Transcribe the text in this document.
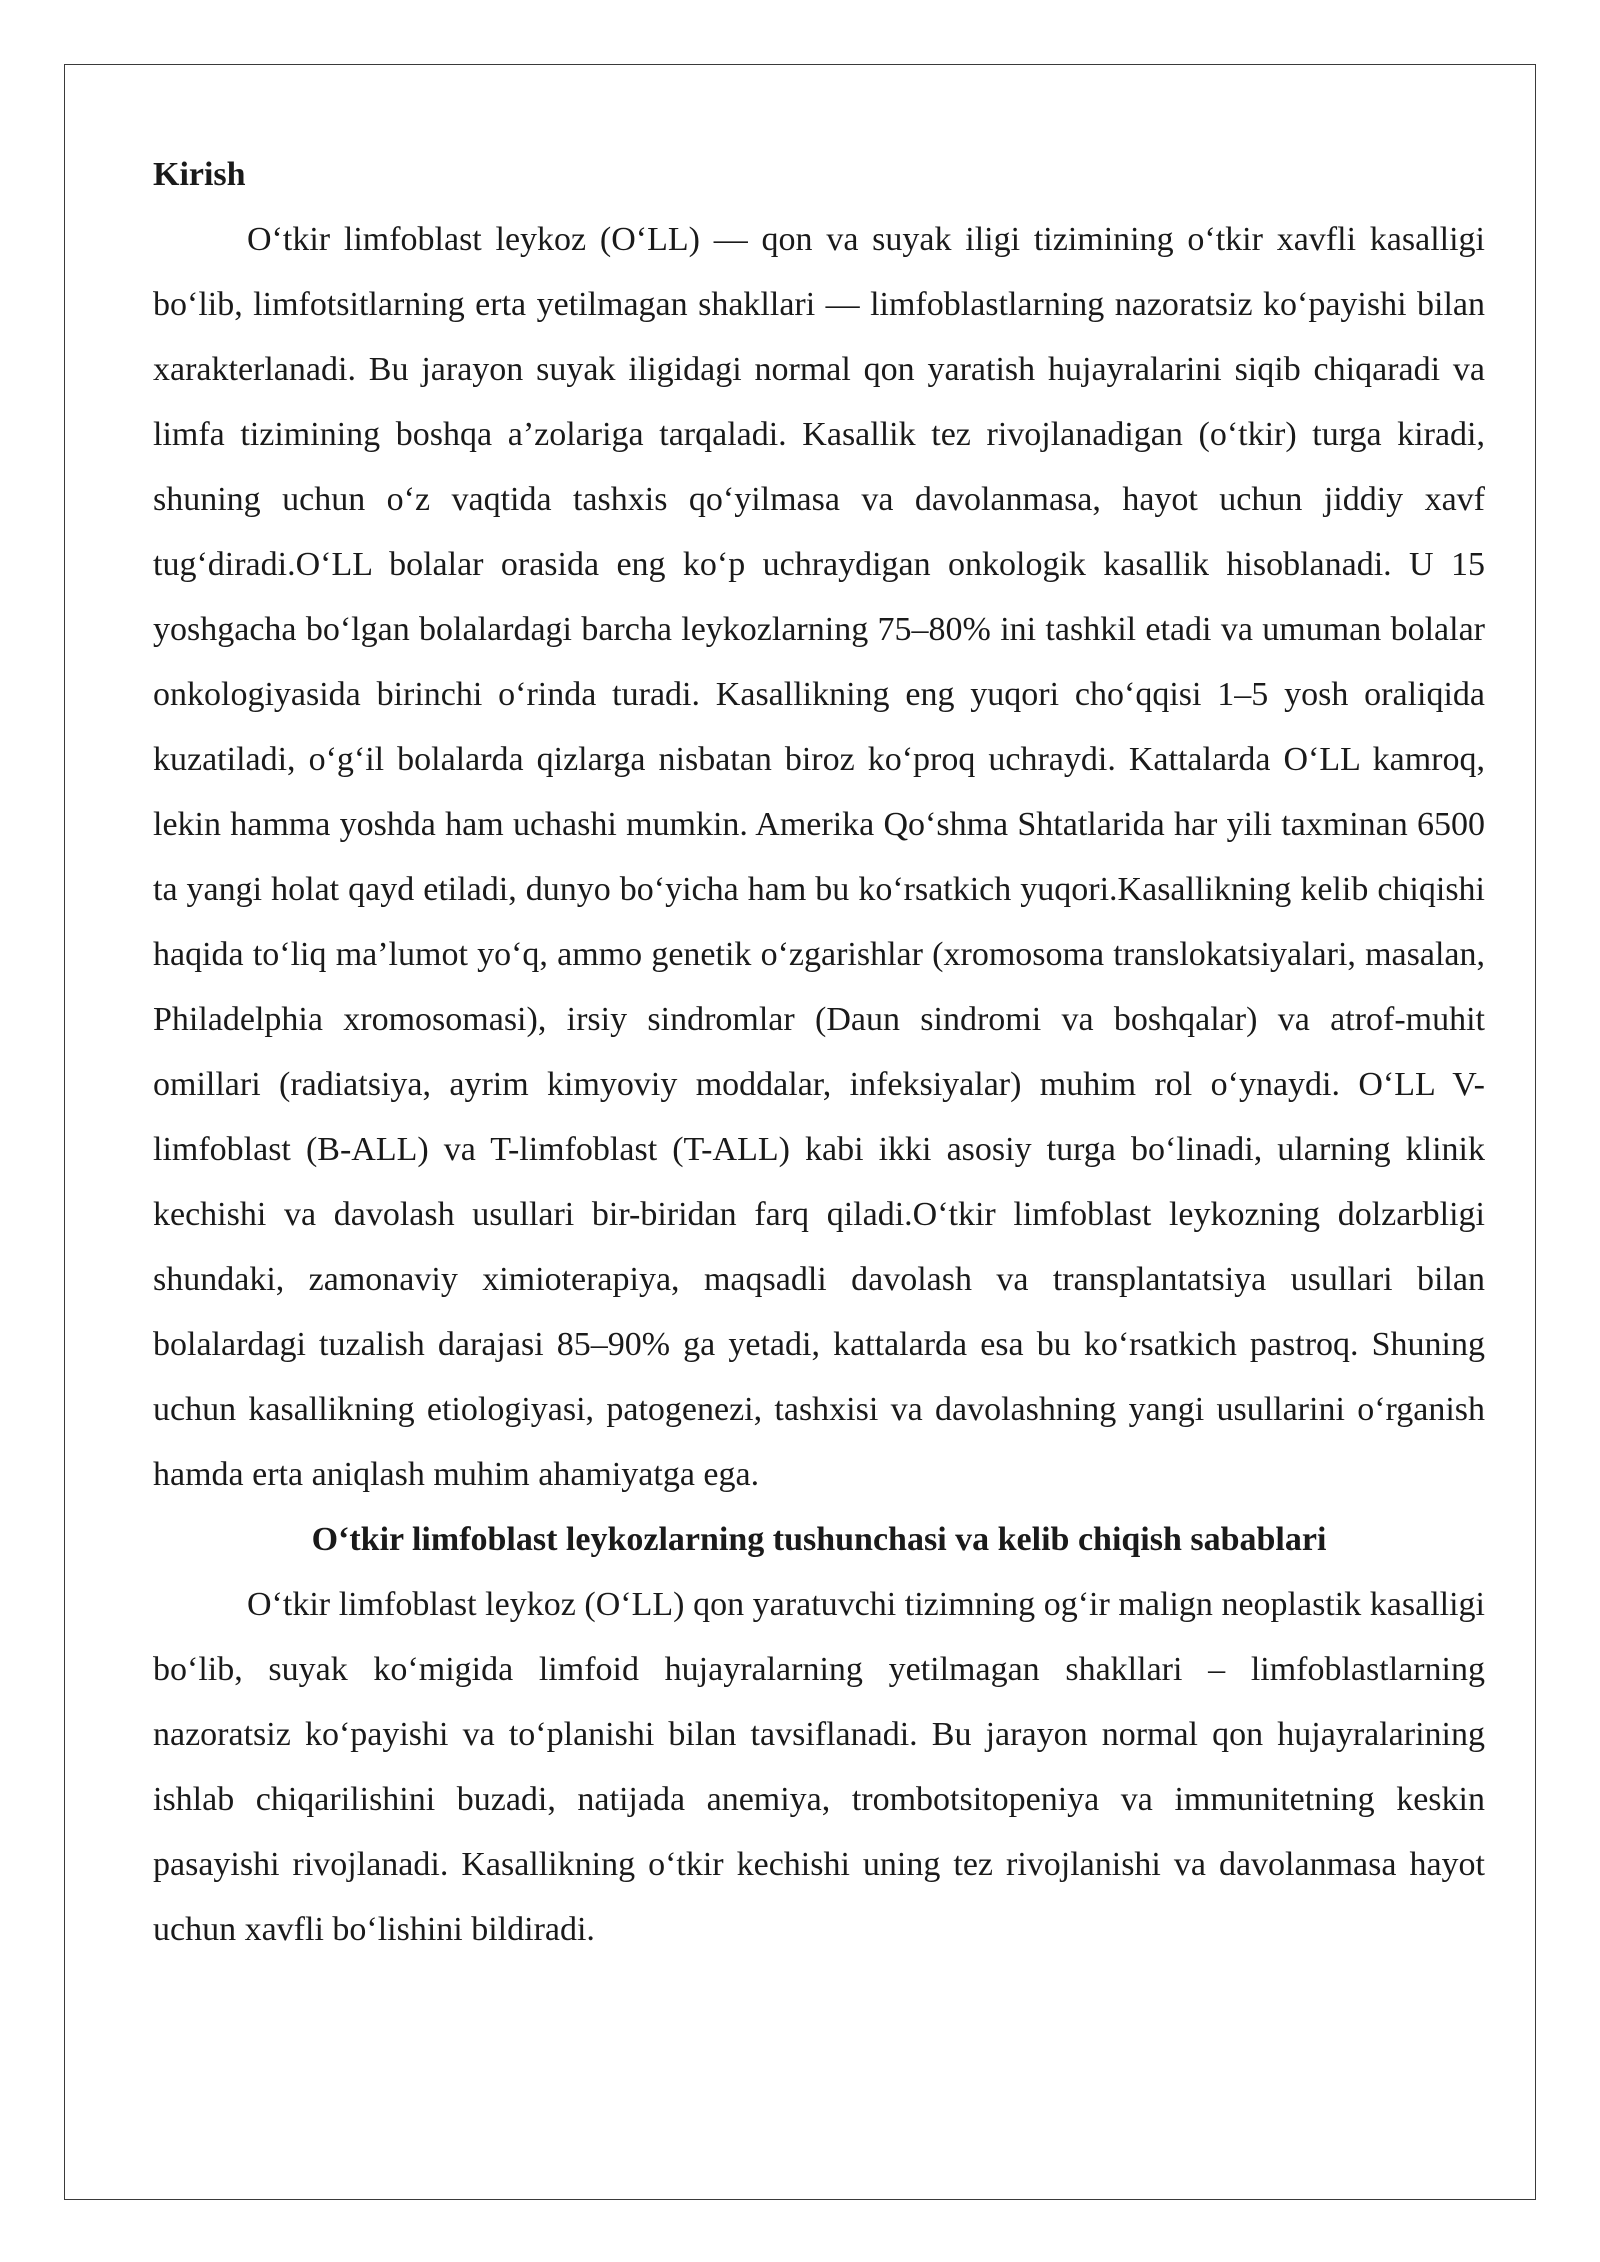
Kirish

O‘tkir limfoblast leykoz (O‘LL) — qon va suyak iligi tizimining o‘tkir xavfli kasalligi bo‘lib, limfotsitlarning erta yetilmagan shakllari — limfoblastlarning nazoratsiz ko‘payishi bilan xarakterlanadi. Bu jarayon suyak iligidagi normal qon yaratish hujayralarini siqib chiqaradi va limfa tizimining boshqa a’zolariga tarqaladi. Kasallik tez rivojlanadigan (o‘tkir) turga kiradi, shuning uchun o‘z vaqtida tashxis qo‘yilmasa va davolanmasa, hayot uchun jiddiy xavf tug‘diradi.O‘LL bolalar orasida eng ko‘p uchraydigan onkologik kasallik hisoblanadi. U 15 yoshgacha bo‘lgan bolalardagi barcha leykozlarning 75–80% ini tashkil etadi va umuman bolalar onkologiyasida birinchi o‘rinda turadi. Kasallikning eng yuqori cho‘qqisi 1–5 yosh oraliqida kuzatiladi, o‘g‘il bolalarda qizlarga nisbatan biroz ko‘proq uchraydi. Kattalarda O‘LL kamroq, lekin hamma yoshda ham uchashi mumkin. Amerika Qo‘shma Shtatlarida har yili taxminan 6500 ta yangi holat qayd etiladi, dunyo bo‘yicha ham bu ko‘rsatkich yuqori.Kasallikning kelib chiqishi haqida to‘liq ma’lumot yo‘q, ammo genetik o‘zgarishlar (xromosoma translokatsiyalari, masalan, Philadelphia xromosomasi), irsiy sindromlar (Daun sindromi va boshqalar) va atrof-muhit omillari (radiatsiya, ayrim kimyoviy moddalar, infeksiyalar) muhim rol o‘ynaydi. O‘LL V-limfoblast (B-ALL) va T-limfoblast (T-ALL) kabi ikki asosiy turga bo‘linadi, ularning klinik kechishi va davolash usullari bir-biridan farq qiladi.O‘tkir limfoblast leykozning dolzarbligi shundaki, zamonaviy ximioterapiya, maqsadli davolash va transplantatsiya usullari bilan bolalardagi tuzalish darajasi 85–90% ga yetadi, kattalarda esa bu ko‘rsatkich pastroq. Shuning uchun kasallikning etiologiyasi, patogenezi, tashxisi va davolashning yangi usullarini o‘rganish hamda erta aniqlash muhim ahamiyatga ega.

O‘tkir limfoblast leykozlarning tushunchasi va kelib chiqish sabablari

O‘tkir limfoblast leykoz (O‘LL) qon yaratuvchi tizimning og‘ir malign neoplastik kasalligi bo‘lib, suyak ko‘migida limfoid hujayralarning yetilmagan shakllari – limfoblastlarning nazoratsiz ko‘payishi va to‘planishi bilan tavsiflanadi. Bu jarayon normal qon hujayralarining ishlab chiqarilishini buzadi, natijada anemiya, trombotsitopeniya va immunitetning keskin pasayishi rivojlanadi. Kasallikning o‘tkir kechishi uning tez rivojlanishi va davolanmasa hayot uchun xavfli bo‘lishini bildiradi.
